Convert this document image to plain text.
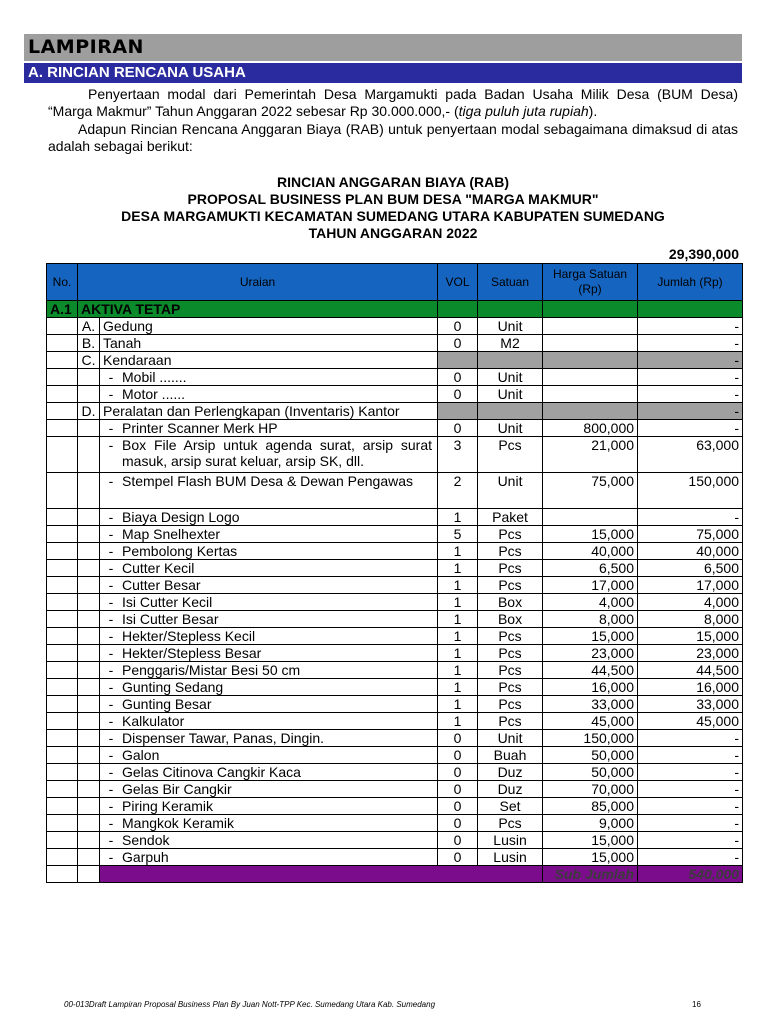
LAMPIRAN
A. RINCIAN RENCANA USAHA
Penyertaan modal dari Pemerintah Desa Margamukti pada Badan Usaha Milik Desa (BUM Desa) “Marga Makmur” Tahun Anggaran 2022 sebesar Rp 30.000.000,- (tiga puluh juta rupiah).
Adapun Rincian Rencana Anggaran Biaya (RAB) untuk penyertaan modal sebagaimana dimaksud di atas adalah sebagai berikut:
RINCIAN ANGGARAN BIAYA (RAB)
PROPOSAL BUSINESS PLAN BUM DESA "MARGA MAKMUR"
DESA MARGAMUKTI KECAMATAN SUMEDANG UTARA KABUPATEN SUMEDANG
TAHUN ANGGARAN 2022
29,390,000
No.	Uraian		VOL	Satuan	Harga Satuan (Rp)	Jumlah (Rp)
A.1	AKTIVA TETAP					
	A.	Gedung	0	Unit		-
	B.	Tanah	0	M2		-
	C.	Kendaraan				-
		- Mobil .......	0	Unit		-
		- Motor ......	0	Unit		-
	D.	Peralatan dan Perlengkapan (Inventaris) Kantor				-
		- Printer Scanner Merk HP	0	Unit	800,000	-
		- Box File Arsip untuk agenda surat, arsip surat masuk, arsip surat keluar, arsip SK, dll.	3	Pcs	21,000	63,000
		- Stempel Flash BUM Desa & Dewan Pengawas	2	Unit	75,000	150,000
		- Biaya Design Logo	1	Paket		-
		- Map Snelhexter	5	Pcs	15,000	75,000
		- Pembolong Kertas	1	Pcs	40,000	40,000
		- Cutter Kecil	1	Pcs	6,500	6,500
		- Cutter Besar	1	Pcs	17,000	17,000
		- Isi Cutter Kecil	1	Box	4,000	4,000
		- Isi Cutter Besar	1	Box	8,000	8,000
		- Hekter/Stepless Kecil	1	Pcs	15,000	15,000
		- Hekter/Stepless Besar	1	Pcs	23,000	23,000
		- Penggaris/Mistar Besi 50 cm	1	Pcs	44,500	44,500
		- Gunting Sedang	1	Pcs	16,000	16,000
		- Gunting Besar	1	Pcs	33,000	33,000
		- Kalkulator	1	Pcs	45,000	45,000
		- Dispenser Tawar, Panas, Dingin.	0	Unit	150,000	-
		- Galon	0	Buah	50,000	-
		- Gelas Citinova Cangkir Kaca	0	Duz	50,000	-
		- Gelas Bir Cangkir	0	Duz	70,000	-
		- Piring Keramik	0	Set	85,000	-
		- Mangkok Keramik	0	Pcs	9,000	-
		- Sendok	0	Lusin	15,000	-
		- Garpuh	0	Lusin	15,000	-
					Sub Jumlah	540,000
00-013Draft Lampiran Proposal Business Plan By Juan Nott-TPP Kec. Sumedang Utara Kab. Sumedang	16
